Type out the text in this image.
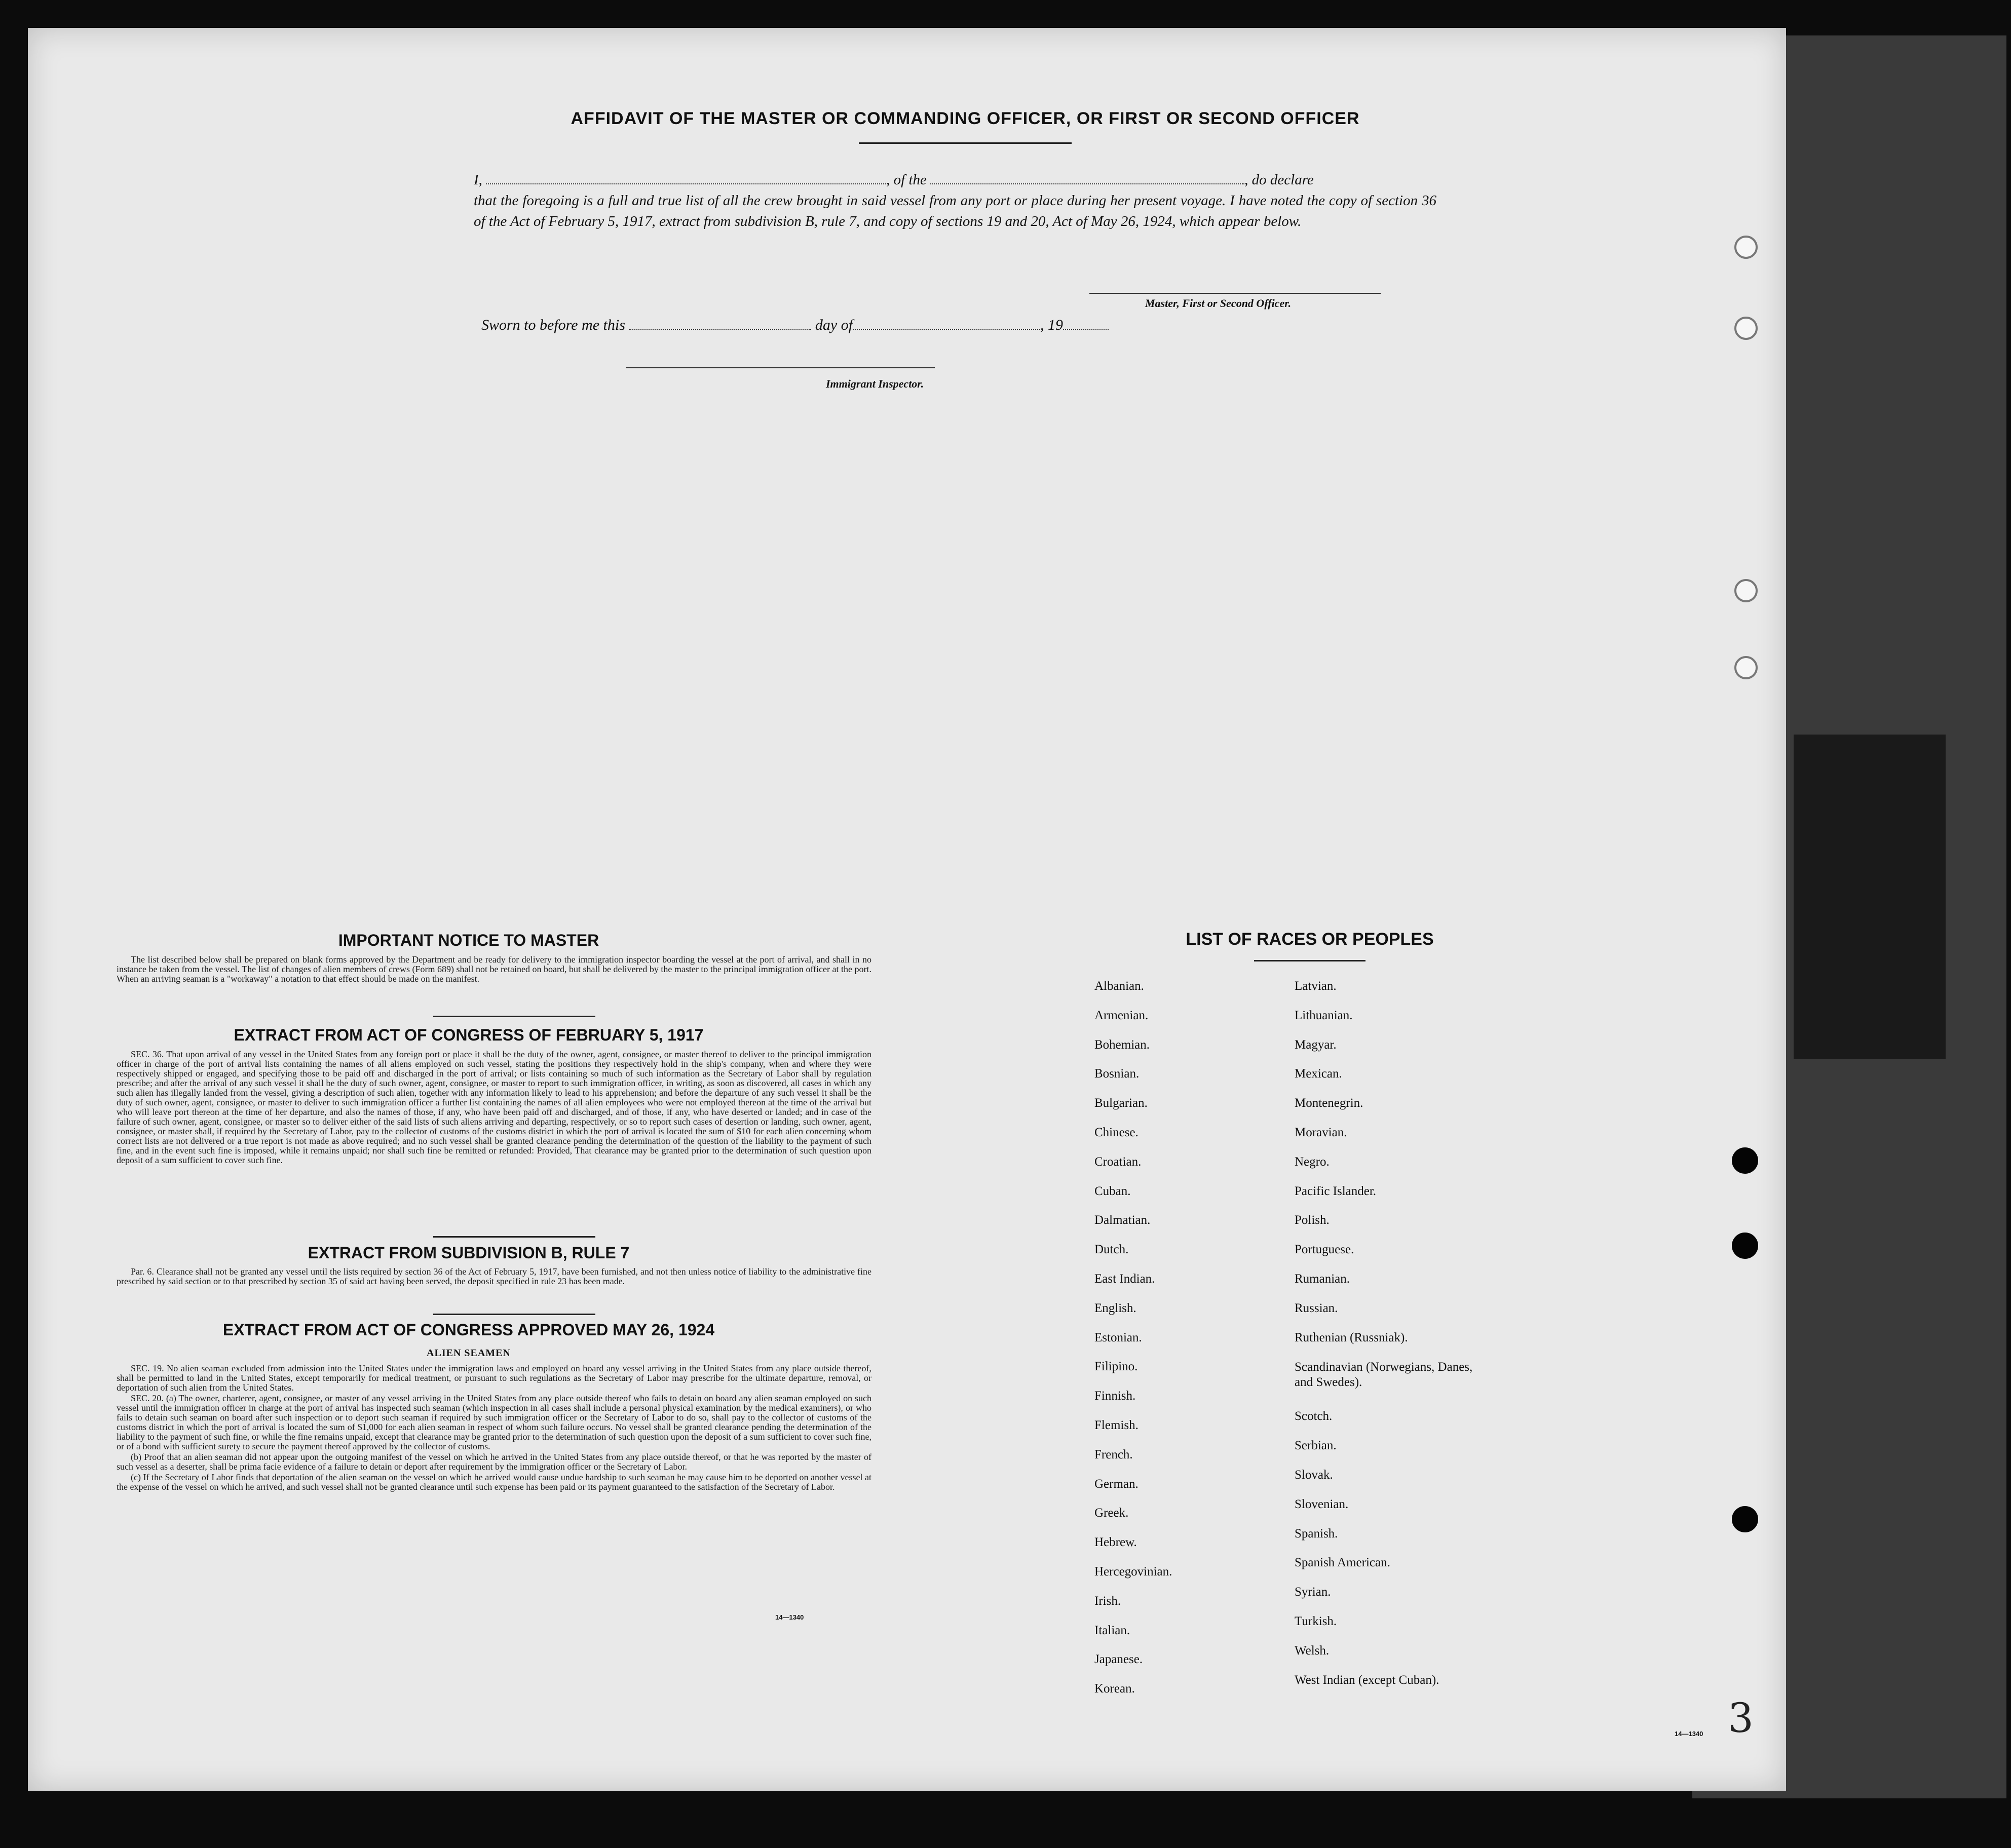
AFFIDAVIT OF THE MASTER OR COMMANDING OFFICER, OR FIRST OR SECOND OFFICER
I,	, of the	, do declare
that the foregoing is a full and true list of all the crew brought in said vessel from any port or place during her present voyage. I have noted the copy of section 36 of the Act of February 5, 1917, extract from subdivision B, rule 7, and copy of sections 19 and 20, Act of May 26, 1924, which appear below.
Master, First or Second Officer.
Sworn to before me this	day of	, 19
Immigrant Inspector.
IMPORTANT NOTICE TO MASTER

The list described below shall be prepared on blank forms approved by the Department and be ready for delivery to the immigration inspector boarding the vessel at the port of arrival, and shall in no instance be taken from the vessel. The list of changes of alien members of crews (Form 689) shall not be retained on board, but shall be delivered by the master to the principal immigration officer at the port. When an arriving seaman is a "workaway" a notation to that effect should be made on the manifest.

EXTRACT FROM ACT OF CONGRESS OF FEBRUARY 5, 1917

SEC. 36. That upon arrival of any vessel in the United States from any foreign port or place it shall be the duty of the owner, agent, consignee, or master thereof to deliver to the principal immigration officer in charge of the port of arrival lists containing the names of all aliens employed on such vessel, stating the positions they respectively hold in the ship's company, when and where they were respectively shipped or engaged, and specifying those to be paid off and discharged in the port of arrival; or lists containing so much of such information as the Secretary of Labor shall by regulation prescribe; and after the arrival of any such vessel it shall be the duty of such owner, agent, consignee, or master to report to such immigration officer, in writing, as soon as discovered, all cases in which any such alien has illegally landed from the vessel, giving a description of such alien, together with any information likely to lead to his apprehension; and before the departure of any such vessel it shall be the duty of such owner, agent, consignee, or master to deliver to such immigration officer a further list containing the names of all alien employees who were not employed thereon at the time of the arrival but who will leave port thereon at the time of her departure, and also the names of those, if any, who have been paid off and discharged, and of those, if any, who have deserted or landed; and in case of the failure of such owner, agent, consignee, or master so to deliver either of the said lists of such aliens arriving and departing, respectively, or so to report such cases of desertion or landing, such owner, agent, consignee, or master shall, if required by the Secretary of Labor, pay to the collector of customs of the customs district in which the port of arrival is located the sum of $10 for each alien concerning whom correct lists are not delivered or a true report is not made as above required; and no such vessel shall be granted clearance pending the determination of the question of the liability to the payment of such fine, and in the event such fine is imposed, while it remains unpaid; nor shall such fine be remitted or refunded: Provided, That clearance may be granted prior to the determination of such question upon deposit of a sum sufficient to cover such fine.

EXTRACT FROM SUBDIVISION B, RULE 7

Par. 6. Clearance shall not be granted any vessel until the lists required by section 36 of the Act of February 5, 1917, have been furnished, and not then unless notice of liability to the administrative fine prescribed by said section or to that prescribed by section 35 of said act having been served, the deposit specified in rule 23 has been made.

EXTRACT FROM ACT OF CONGRESS APPROVED MAY 26, 1924
ALIEN SEAMEN

SEC. 19. No alien seaman excluded from admission into the United States under the immigration laws and employed on board any vessel arriving in the United States from any place outside thereof, shall be permitted to land in the United States, except temporarily for medical treatment, or pursuant to such regulations as the Secretary of Labor may prescribe for the ultimate departure, removal, or deportation of such alien from the United States.

SEC. 20. (a) The owner, charterer, agent, consignee, or master of any vessel arriving in the United States from any place outside thereof who fails to detain on board any alien seaman employed on such vessel until the immigration officer in charge at the port of arrival has inspected such seaman (which inspection in all cases shall include a personal physical examination by the medical examiners), or who fails to detain such seaman on board after such inspection or to deport such seaman if required by such immigration officer or the Secretary of Labor to do so, shall pay to the collector of customs of the customs district in which the port of arrival is located the sum of $1,000 for each alien seaman in respect of whom such failure occurs. No vessel shall be granted clearance pending the determination of the liability to the payment of such fine, or while the fine remains unpaid, except that clearance may be granted prior to the determination of such question upon the deposit of a sum sufficient to cover such fine, or of a bond with sufficient surety to secure the payment thereof approved by the collector of customs.

(b) Proof that an alien seaman did not appear upon the outgoing manifest of the vessel on which he arrived in the United States from any place outside thereof, or that he was reported by the master of such vessel as a deserter, shall be prima facie evidence of a failure to detain or deport after requirement by the immigration officer or the Secretary of Labor.

(c) If the Secretary of Labor finds that deportation of the alien seaman on the vessel on which he arrived would cause undue hardship to such seaman he may cause him to be deported on another vessel at the expense of the vessel on which he arrived, and such vessel shall not be granted clearance until such expense has been paid or its payment guaranteed to the satisfaction of the Secretary of Labor.

14—1340
LIST OF RACES OR PEOPLES
14—1340 3
Albanian.
Armenian.
Bohemian.
Bosnian.
Bulgarian.
Chinese.
Croatian.
Cuban.
Dalmatian.
Dutch.
East Indian.
English.
Estonian.
Filipino.
Finnish.
Flemish.
French.
German.
Greek.
Hebrew.
Hercegovinian.
Irish.
Italian.
Japanese.
Korean.
Latvian.
Lithuanian.
Magyar.
Mexican.
Montenegrin.
Moravian.
Negro.
Pacific Islander.
Polish.
Portuguese.
Rumanian.
Russian.
Ruthenian (Russniak).
Scandinavian (Norwegians, Danes, and Swedes).
Scotch.
Serbian.
Slovak.
Slovenian.
Spanish.
Spanish American.
Syrian.
Turkish.
Welsh.
West Indian (except Cuban).
